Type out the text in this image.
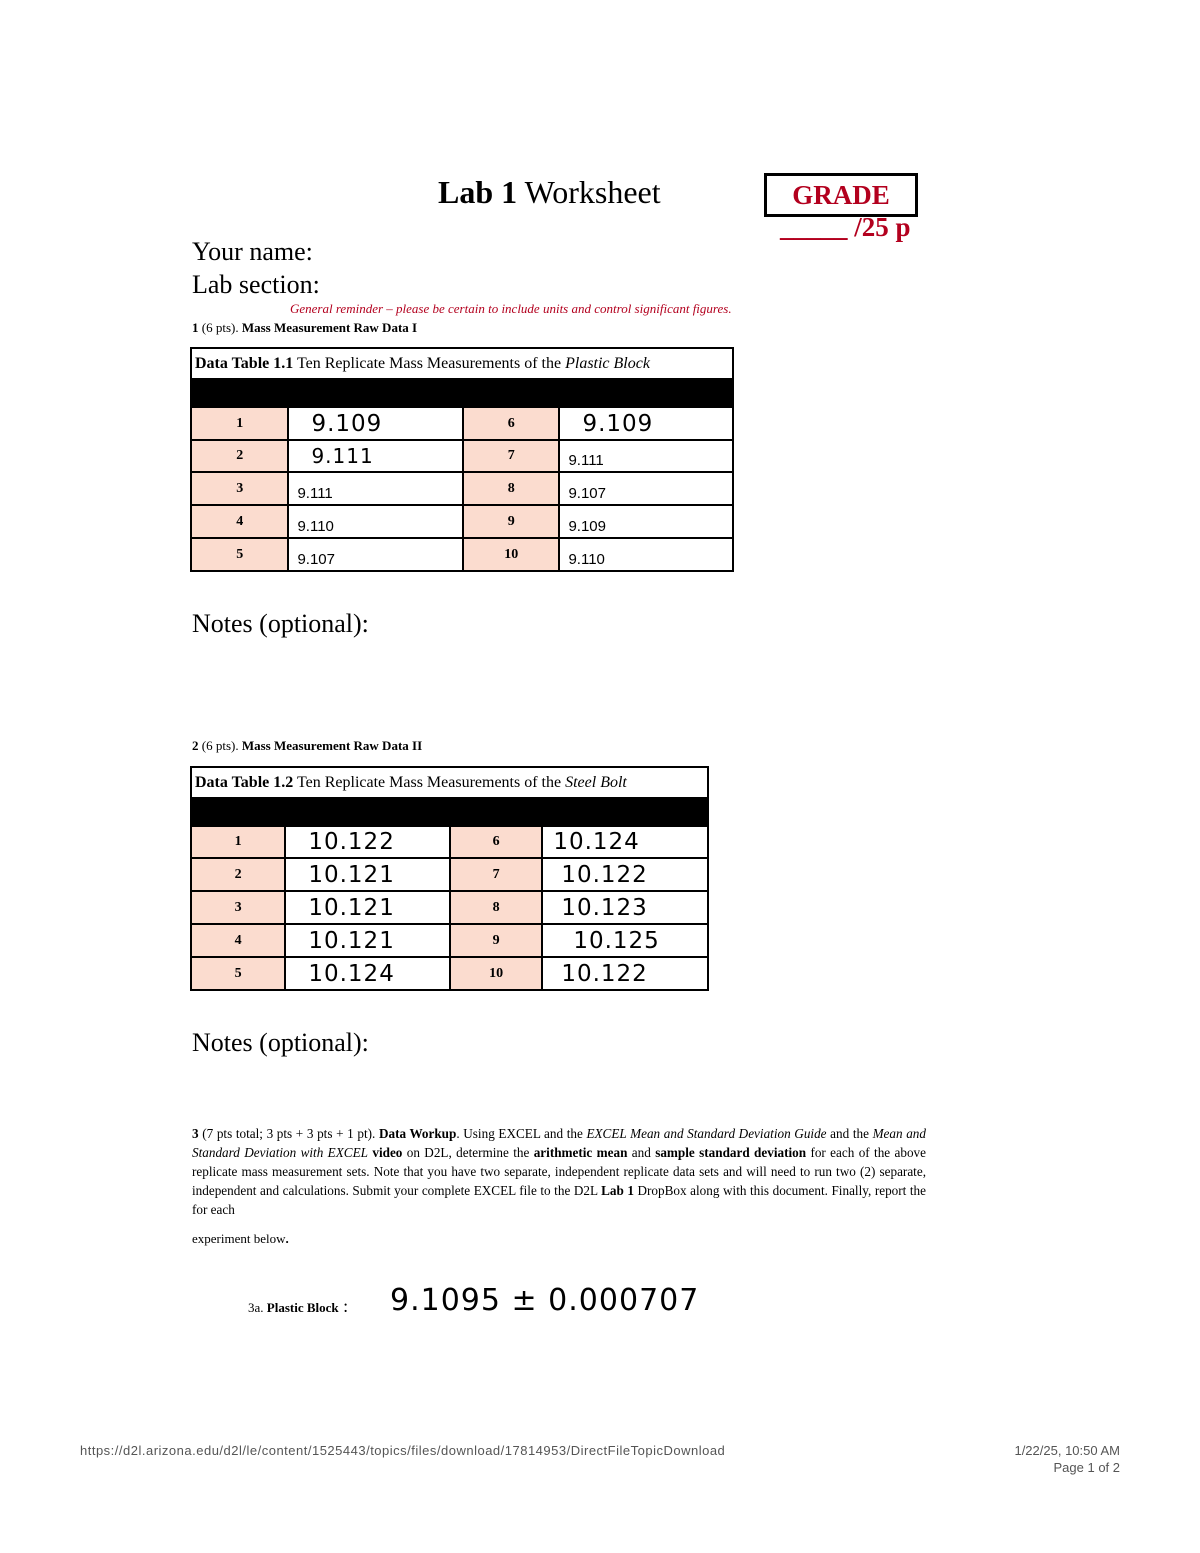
Lab 1 Worksheet	GRADE
_____ /25 p
Your name:
Lab section:
General reminder – please be certain to include units and control significant figures.
1 (6 pts). Mass Measurement Raw Data I
Data Table 1.1 Ten Replicate Mass Measurements of the Plastic Block			

1	9.109	6	9.109
2	9.111	7	9.111
3	9.111	8	9.107
4	9.110	9	9.109
5	9.107	10	9.110
Notes (optional):
2 (6 pts). Mass Measurement Raw Data II
Data Table 1.2 Ten Replicate Mass Measurements of the Steel Bolt			

1	10.122	6	10.124
2	10.121	7	10.122
3	10.121	8	10.123
4	10.121	9	10.125
5	10.124	10	10.122
Notes (optional):
3 (7 pts total; 3 pts + 3 pts + 1 pt). Data Workup. Using EXCEL and the EXCEL Mean and Standard Deviation Guide and the Mean and Standard Deviation with EXCEL video on D2L, determine the arithmetic mean and sample standard deviation for each of the above replicate mass measurement sets. Note that you have two separate, independent replicate data sets and will need to run two (2) separate, independent and calculations. Submit your complete EXCEL file to the D2L Lab 1 DropBox along with this document. Finally, report the for each
experiment below.
3a. Plastic Block : 9.1095 ± 0.000707
https://d2l.arizona.edu/d2l/le/content/1525443/topics/files/download/17814953/DirectFileTopicDownload	1/22/25, 10:50 AM
Page 1 of 2
